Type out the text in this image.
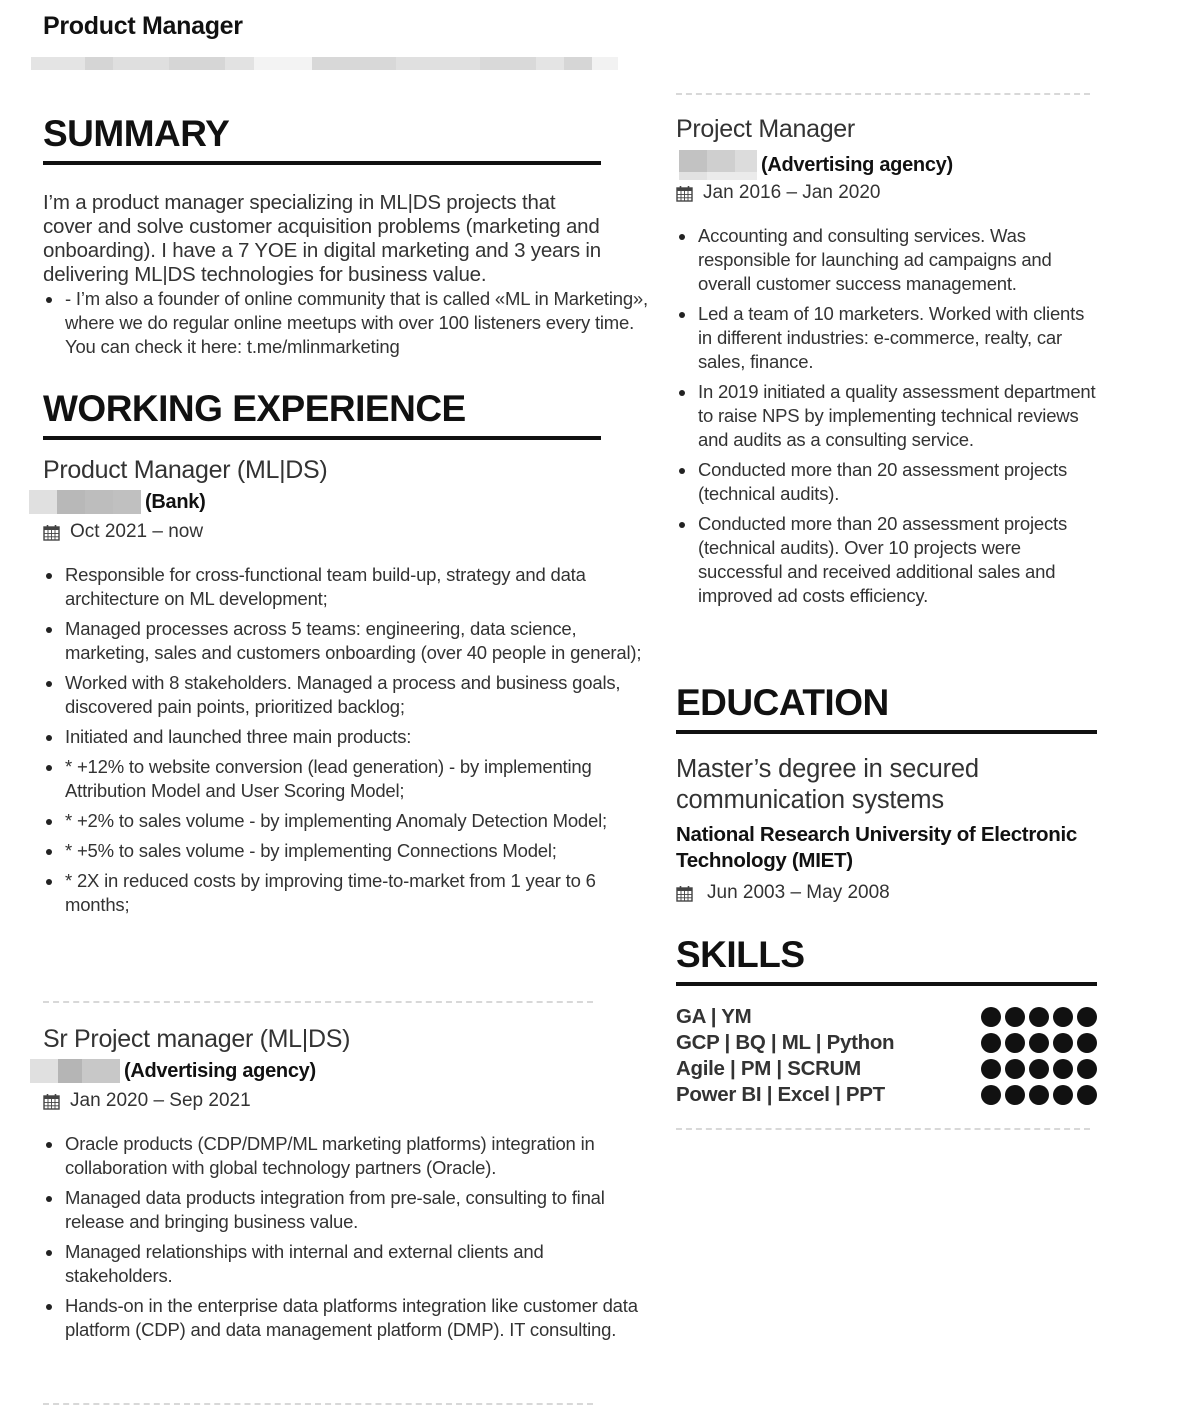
Product Manager
SUMMARY
I’m a product manager specializing in ML|DS projects that cover and solve customer acquisition problems (marketing and onboarding). I have a 7 YOE in digital marketing and 3 years in delivering ML|DS technologies for business value.
- I’m also a founder of online community that is called «ML in Marketing», where we do regular online meetups with over 100 listeners every time. You can check it here: t.me/mlinmarketing
WORKING EXPERIENCE
Product Manager (ML|DS)
(Bank)
Oct 2021 – now
Responsible for cross-functional team build-up, strategy and data architecture on ML development;
Managed processes across 5 teams: engineering, data science, marketing, sales and customers onboarding (over 40 people in general);
Worked with 8 stakeholders. Managed a process and business goals, discovered pain points, prioritized backlog;
Initiated and launched three main products:
* +12% to website conversion (lead generation) - by implementing Attribution Model and User Scoring Model;
* +2% to sales volume - by implementing Anomaly Detection Model;
* +5% to sales volume - by implementing Connections Model;
* 2X in reduced costs by improving time-to-market from 1 year to 6 months;
Sr Project manager (ML|DS)
(Advertising agency)
Jan 2020 – Sep 2021
Oracle products (CDP/DMP/ML marketing platforms) integration in collaboration with global technology partners (Oracle).
Managed data products integration from pre-sale, consulting to final release and bringing business value.
Managed relationships with internal and external clients and stakeholders.
Hands-on in the enterprise data platforms integration like customer data platform (CDP) and data management platform (DMP). IT consulting.
Project Manager
(Advertising agency)
Jan 2016 – Jan 2020
Accounting and consulting services. Was responsible for launching ad campaigns and overall customer success management.
Led a team of 10 marketers. Worked with clients in different industries: e-commerce, realty, car sales, finance.
In 2019 initiated a quality assessment department to raise NPS by implementing technical reviews and audits as a consulting service.
Conducted more than 20 assessment projects (technical audits).
Conducted more than 20 assessment projects (technical audits). Over 10 projects were successful and received additional sales and improved ad costs efficiency.
EDUCATION
Master’s degree in secured communication systems
National Research University of Electronic Technology (MIET)
Jun 2003 – May 2008
SKILLS
GA | YM
GCP | BQ | ML | Python
Agile | PM | SCRUM
Power BI | Excel | PPT
